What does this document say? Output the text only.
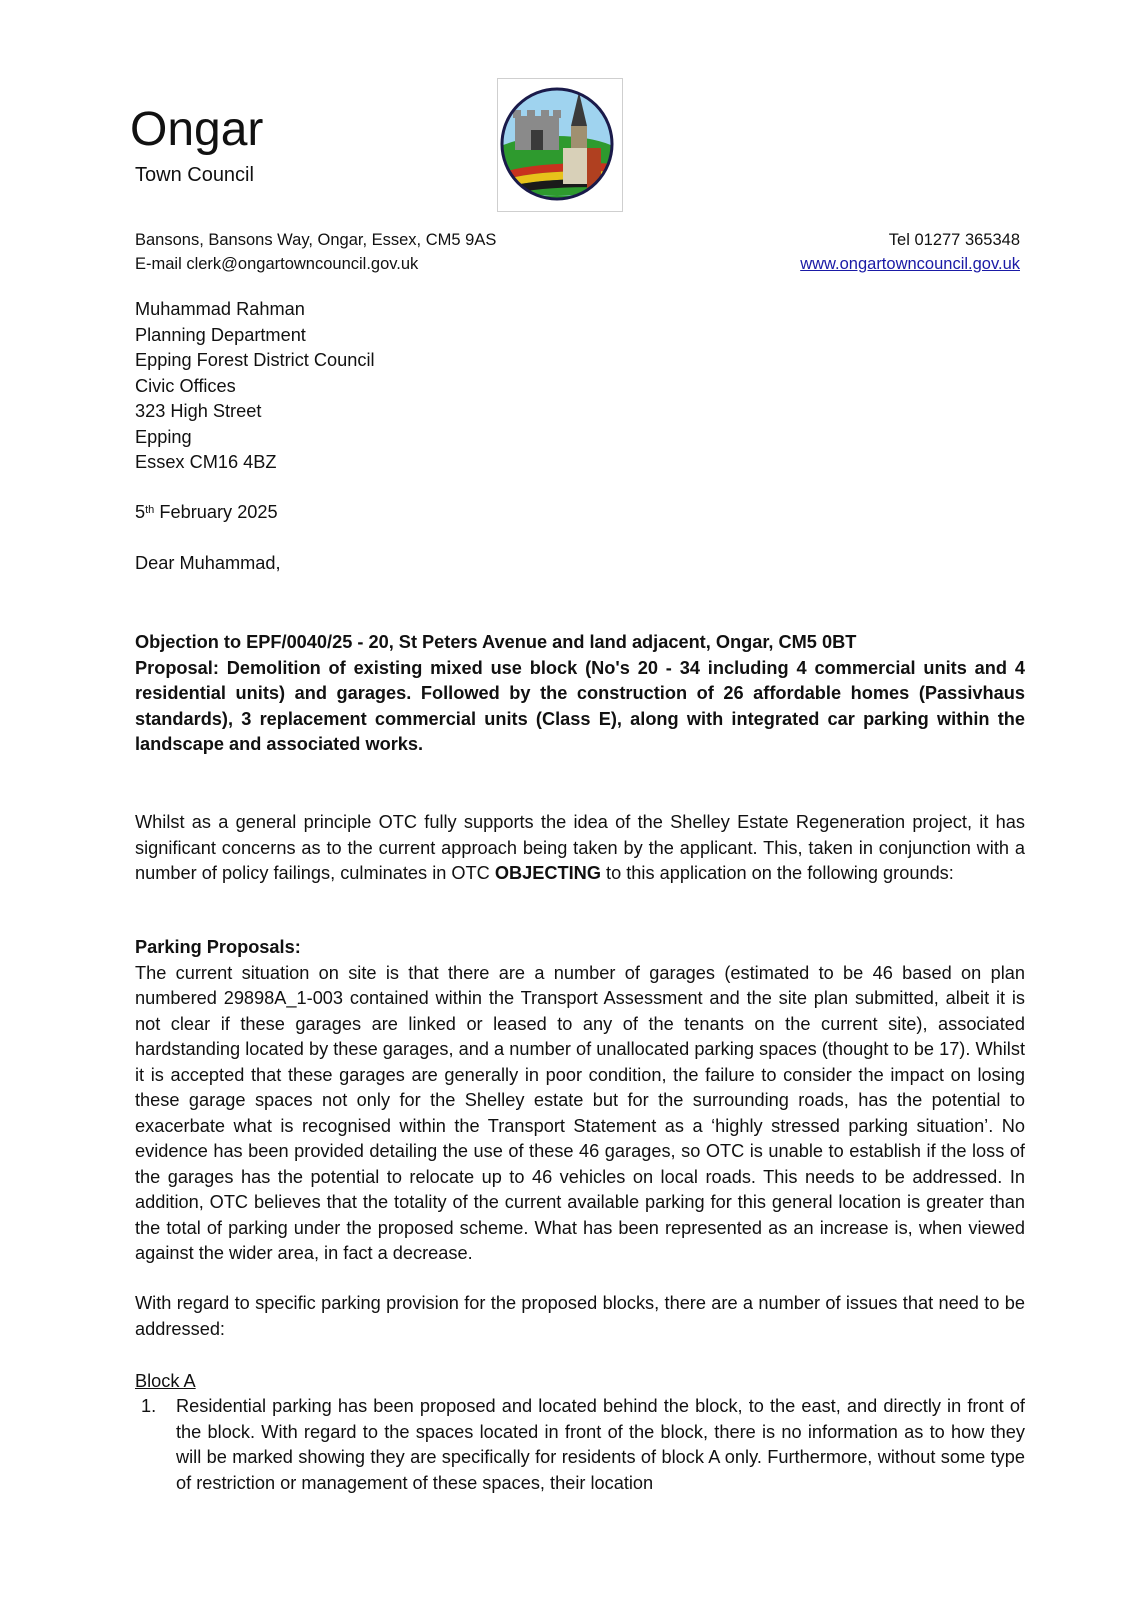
Ongar
Town Council
Bansons, Bansons Way, Ongar, Essex, CM5 9AS
E-mail clerk@ongartowncouncil.gov.uk
Tel 01277 365348
www.ongartowncouncil.gov.uk
Muhammad Rahman
Planning Department
Epping Forest District Council
Civic Offices
323 High Street
Epping
Essex CM16 4BZ
5th February 2025
Dear Muhammad,
Objection to EPF/0040/25 - 20, St Peters Avenue and land adjacent, Ongar, CM5 0BT
Proposal: Demolition of existing mixed use block (No's 20 - 34 including 4 commercial units and 4 residential units) and garages. Followed by the construction of 26 affordable homes (Passivhaus standards), 3 replacement commercial units (Class E), along with integrated car parking within the landscape and associated works.
Whilst as a general principle OTC fully supports the idea of the Shelley Estate Regeneration project, it has significant concerns as to the current approach being taken by the applicant. This, taken in conjunction with a number of policy failings, culminates in OTC OBJECTING to this application on the following grounds:
Parking Proposals:
The current situation on site is that there are a number of garages (estimated to be 46 based on plan numbered 29898A_1-003 contained within the Transport Assessment and the site plan submitted, albeit it is not clear if these garages are linked or leased to any of the tenants on the current site), associated hardstanding located by these garages, and a number of unallocated parking spaces (thought to be 17). Whilst it is accepted that these garages are generally in poor condition, the failure to consider the impact on losing these garage spaces not only for the Shelley estate but for the surrounding roads, has the potential to exacerbate what is recognised within the Transport Statement as a ‘highly stressed parking situation’. No evidence has been provided detailing the use of these 46 garages, so OTC is unable to establish if the loss of the garages has the potential to relocate up to 46 vehicles on local roads. This needs to be addressed. In addition, OTC believes that the totality of the current available parking for this general location is greater than the total of parking under the proposed scheme. What has been represented as an increase is, when viewed against the wider area, in fact a decrease.
With regard to specific parking provision for the proposed blocks, there are a number of issues that need to be addressed:
Block A
1. Residential parking has been proposed and located behind the block, to the east, and directly in front of the block. With regard to the spaces located in front of the block, there is no information as to how they will be marked showing they are specifically for residents of block A only. Furthermore, without some type of restriction or management of these spaces, their location
